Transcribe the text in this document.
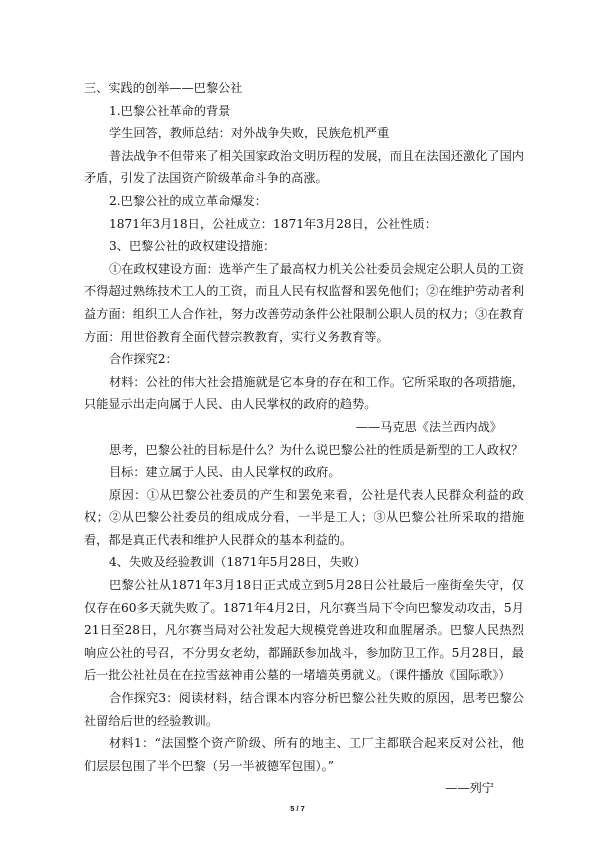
三、实践的创举——巴黎公社

1.巴黎公社革命的背景

学生回答，教师总结：对外战争失败，民族危机严重

普法战争不但带来了相关国家政治文明历程的发展，而且在法国还激化了国内矛盾，引发了法国资产阶级革命斗争的高涨。

2.巴黎公社的成立革命爆发：

1871年3月18日，公社成立：1871年3月28日，公社性质：

3、巴黎公社的政权建设措施：

①在政权建设方面：选举产生了最高权力机关公社委员会规定公职人员的工资不得超过熟练技术工人的工资，而且人民有权监督和罢免他们；②在维护劳动者利益方面：组织工人合作社，努力改善劳动条件公社限制公职人员的权力；③在教育方面：用世俗教育全面代替宗教教育，实行义务教育等。

合作探究2：

材料：公社的伟大社会措施就是它本身的存在和工作。它所采取的各项措施，只能显示出走向属于人民、由人民掌权的政府的趋势。

——马克思《法兰西内战》

思考，巴黎公社的目标是什么？为什么说巴黎公社的性质是新型的工人政权？

目标：建立属于人民、由人民掌权的政府。

原因：①从巴黎公社委员的产生和罢免来看，公社是代表人民群众利益的政权；②从巴黎公社委员的组成成分看，一半是工人；③从巴黎公社所采取的措施看，都是真正代表和维护人民群众的基本利益的。

4、失败及经验教训（1871年5月28日，失败）

巴黎公社从1871年3月18日正式成立到5月28日公社最后一座街垒失守，仅仅存在60多天就失败了。1871年4月2日，凡尔赛当局下令向巴黎发动攻击，5月21日至28日，凡尔赛当局对公社发起大规模党兽进攻和血腥屠杀。巴黎人民热烈响应公社的号召，不分男女老幼，都踊跃参加战斗，参加防卫工作。5月28日，最后一批公社社员在在拉雪兹神甫公墓的一堵墙英勇就义。（课件播放《国际歌》）

合作探究3：阅读材料，结合课本内容分析巴黎公社失败的原因，思考巴黎公社留给后世的经验教训。

材料1：“法国整个资产阶级、所有的地主、工厂主都联合起来反对公社，他们层层包围了半个巴黎（另一半被德军包围）。”

——列宁

5 / 7
